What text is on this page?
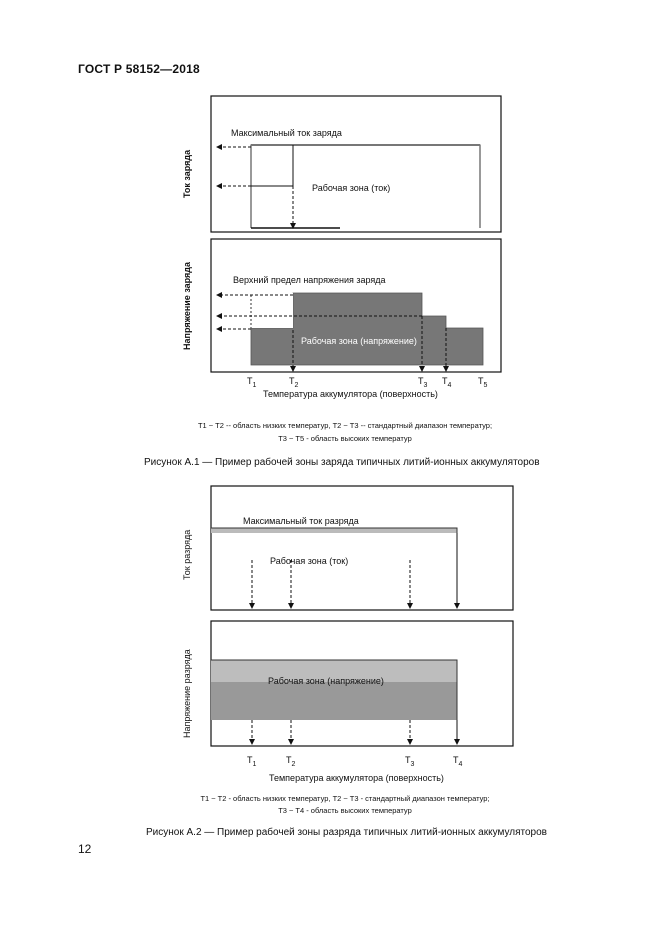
ГОСТ Р 58152—2018
Ток заряда
Максимальный ток заряда
Рабочая зона (ток)
Напряжение заряда	Верхний предел напряжения заряда
Рабочая зона (напряжение)
$T_1$	$T_2$	$T_3$ $T_4$	$T_5$
Температура аккумулятора (поверхность)
T1 ~ T2 -- область низких температур, T2 ~ T3 -- стандартный диапазон температур;
T3 ~ T5 - область высоких температур
Рисунок А.1 — Пример рабочей зоны заряда типичных литий-ионных аккумуляторов
Ток разряда
Максимальный ток разряда
Рабочая зона (ток)
Напряжение разряда	Рабочая зона (напряжение)
$T_1$	$T_2$	$T_3$	$T_4$
Температура аккумулятора (поверхность)
T1 ~ T2 - область низких температур, T2 ~ T3 - стандартный диапазон температур;
T3 ~ T4 - область высоких температур
Рисунок А.2 — Пример рабочей зоны разряда типичных литий-ионных аккумуляторов
12
